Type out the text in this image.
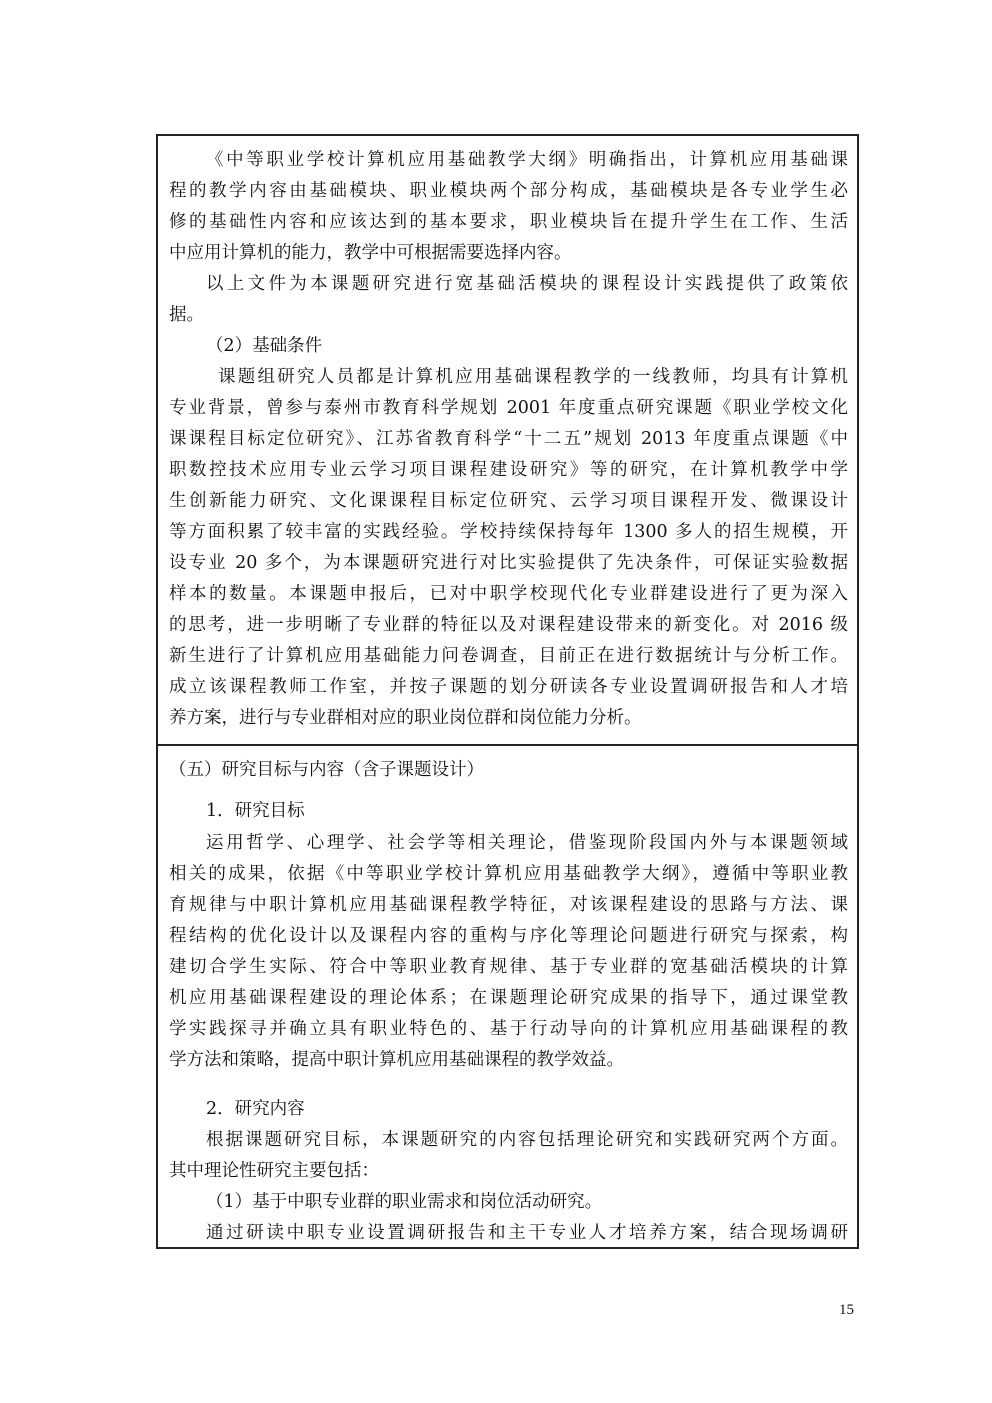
《中等职业学校计算机应用基础教学大纲》明确指出，计算机应用基础课
程的教学内容由基础模块、职业模块两个部分构成，基础模块是各专业学生必
修的基础性内容和应该达到的基本要求，职业模块旨在提升学生在工作、生活
中应用计算机的能力，教学中可根据需要选择内容。
以上文件为本课题研究进行宽基础活模块的课程设计实践提供了政策依
据。
（2）基础条件
课题组研究人员都是计算机应用基础课程教学的一线教师，均具有计算机
专业背景，曾参与泰州市教育科学规划 2001 年度重点研究课题《职业学校文化
课课程目标定位研究》、江苏省教育科学“十二五”规划 2013 年度重点课题《中
职数控技术应用专业云学习项目课程建设研究》等的研究，在计算机教学中学
生创新能力研究、文化课课程目标定位研究、云学习项目课程开发、微课设计
等方面积累了较丰富的实践经验。学校持续保持每年 1300 多人的招生规模，开
设专业 20 多个，为本课题研究进行对比实验提供了先决条件，可保证实验数据
样本的数量。本课题申报后，已对中职学校现代化专业群建设进行了更为深入
的思考，进一步明晰了专业群的特征以及对课程建设带来的新变化。对 2016 级
新生进行了计算机应用基础能力问卷调查，目前正在进行数据统计与分析工作。
成立该课程教师工作室，并按子课题的划分研读各专业设置调研报告和人才培
养方案，进行与专业群相对应的职业岗位群和岗位能力分析。
（五）研究目标与内容（含子课题设计）
1．研究目标
运用哲学、心理学、社会学等相关理论，借鉴现阶段国内外与本课题领域
相关的成果，依据《中等职业学校计算机应用基础教学大纲》，遵循中等职业教
育规律与中职计算机应用基础课程教学特征，对该课程建设的思路与方法、课
程结构的优化设计以及课程内容的重构与序化等理论问题进行研究与探索，构
建切合学生实际、符合中等职业教育规律、基于专业群的宽基础活模块的计算
机应用基础课程建设的理论体系；在课题理论研究成果的指导下，通过课堂教
学实践探寻并确立具有职业特色的、基于行动导向的计算机应用基础课程的教
学方法和策略，提高中职计算机应用基础课程的教学效益。
2．研究内容
根据课题研究目标，本课题研究的内容包括理论研究和实践研究两个方面。
其中理论性研究主要包括：
（1）基于中职专业群的职业需求和岗位活动研究。
通过研读中职专业设置调研报告和主干专业人才培养方案，结合现场调研
15
